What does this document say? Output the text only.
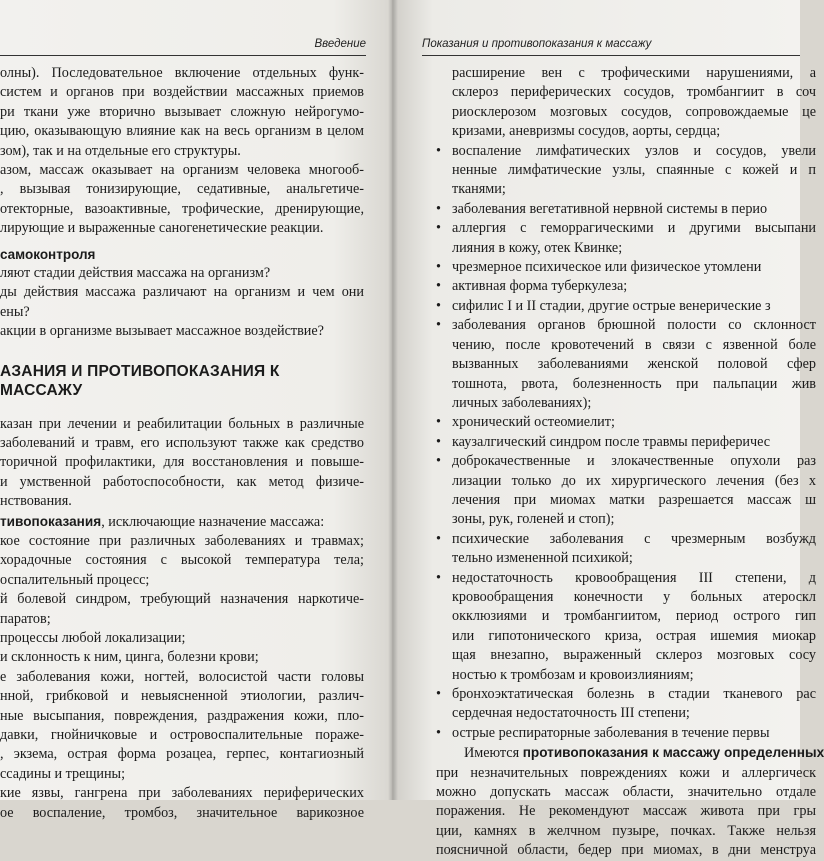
Введение
олны). Последовательное включение отдельных функ-
систем и органов при воздействии массажных приемов
ри ткани уже вторично вызывает сложную нейрогумо-
цию, оказывающую влияние как на весь организм в целом
зом), так и на отдельные его структуры.
азом, массаж оказывает на организм человека многооб-
, вызывая тонизирующие, седативные, анальгетиче-
отекторные, вазоактивные, трофические, дренирующие,
лирующие и выраженные саногенетические реакции.
самоконтроля
ляют стадии действия массажа на организм?
ды действия массажа различают на организм и чем они
ены?
акции в организме вызывает массажное воздействие?
АЗАНИЯ И ПРОТИВОПОКАЗАНИЯ К МАССАЖУ
казан при лечении и реабилитации больных в различные
заболеваний и травм, его используют также как средство
торичной профилактики, для восстановления и повыше-
и умственной работоспособности, как метод физиче-
нствования.
тивопоказания, исключающие назначение массажа:
кое состояние при различных заболеваниях и травмах;
хорадочные состояния с высокой температура тела;
оспалительный процесс;
й болевой синдром, требующий назначения наркотиче-
паратов;
процессы любой локализации;
и склонность к ним, цинга, болезни крови;
е заболевания кожи, ногтей, волосистой части головы
нной, грибковой и невыясненной этиологии, различ-
ные высыпания, повреждения, раздражения кожи, пло-
давки, гнойничковые и островоспалительные пораже-
, экзема, острая форма розацеа, герпес, контагиозный
ссадины и трещины;
кие язвы, гангрена при заболеваниях периферических
ое воспаление, тромбоз, значительное варикозное
Показания и противопоказания к массажу
расширение вен с трофическими нарушениями, а
склероз периферических сосудов, тромбангиит в соч
риосклерозом мозговых сосудов, сопровождаемые це
кризами, аневризмы сосудов, аорты, сердца;
• воспаление лимфатических узлов и сосудов, увели
ненные лимфатические узлы, спаянные с кожей и п
тканями;
• заболевания вегетативной нервной системы в перио
• аллергия с геморрагическими и другими высыпани
лияния в кожу, отек Квинке;
• чрезмерное психическое или физическое утомлени
• активная форма туберкулеза;
• сифилис I и II стадии, другие острые венерические з
• заболевания органов брюшной полости со склонност
чению, после кровотечений в связи с язвенной боле
вызванных заболеваниями женской половой сфер
тошнота, рвота, болезненность при пальпации жив
личных заболеваниях);
• хронический остеомиелит;
• каузалгический синдром после травмы периферичес
• доброкачественные и злокачественные опухоли раз
лизации только до их хирургического лечения (без х
лечения при миомах матки разрешается массаж ш
зоны, рук, голеней и стоп);
• психические заболевания с чрезмерным возбужд
тельно измененной психикой;
• недостаточность кровообращения III степени, д
кровообращения конечности у больных атероскл
окклюзиями и тромбангиитом, период острого гип
или гипотонического криза, острая ишемия миокар
щая внезапно, выраженный склероз мозговых сосу
ностью к тромбозам и кровоизлияниям;
• бронхоэктатическая болезнь в стадии тканевого рас
сердечная недостаточность III степени;
• острые респираторные заболевания в течение первы
Имеются противопоказания к массажу определенных
при незначительных повреждениях кожи и аллергическ
можно допускать массаж области, значительно отдале
поражения. Не рекомендуют массаж живота при гры
ции, камнях в желчном пузыре, почках. Также нельзя
поясничной области, бедер при миомах, в дни менструа
